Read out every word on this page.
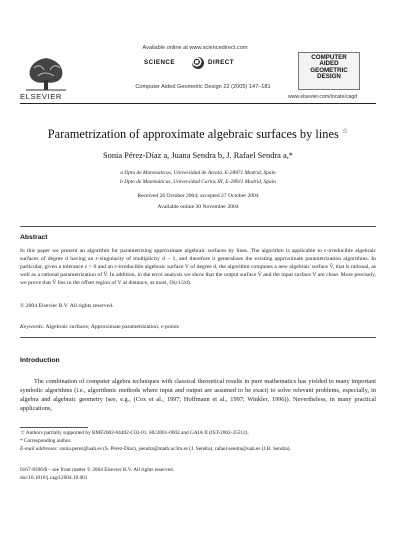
ELSEVIER
Available online at www.sciencedirect.com
SCIENCE	DIRECT
Computer Aided Geometric Design 22 (2005) 147–181
COMPUTER
AIDED
GEOMETRIC
DESIGN
www.elsevier.com/locate/cagd
Parametrization of approximate algebraic surfaces by lines ☆
Sonia Pérez-Díaz a, Juana Sendra b, J. Rafael Sendra a,*
a Dpto de Matemáticas, Universidad de Alcalá, E-28871 Madrid, Spain
b Dpto de Matemáticas, Universidad Carlos III, E-28911 Madrid, Spain
Received 26 October 2004; accepted 27 October 2004
Available online 30 November 2004
Abstract
In this paper we present an algorithm for parametrizing approximate algebraic surfaces by lines. The algorithm is applicable to ε-irreducible algebraic surfaces of degree d having an ε-singularity of multiplicity d − 1, and therefore it generalizes the existing approximate parametrization algorithms. In particular, given a tolerance ε > 0 and an ε-irreducible algebraic surface V of degree d, the algorithm computes a new algebraic surface V̄, that is rational, as well as a rational parametrization of V̄. In addition, in the error analysis we show that the output surface V̄ and the input surface V are close. More precisely, we prove that V̄ lies in the offset region of V at distance, at most, O(ε1/2d).
© 2004 Elsevier B.V. All rights reserved.
Keywords: Algebraic surfaces; Approximate parametrization; ε-points
Introduction
The combination of computer algebra techniques with classical theoretical results in pure mathematics has yielded to many important symbolic algorithms (i.e., algorithmic methods where input and output are assumed to be exact) to solve relevant problems, especially, in algebra and algebraic geometry (see, e.g., (Cox et al., 1997; Hoffmann et al., 1997; Winkler, 1996)). Nevertheless, in many practical applications,
☆ Authors partially supported by BMF2002-04402-C02-01, HU2001-0002 and GAIA II (IST-2002-35512).
* Corresponding author.
E-mail addresses: sonia.perez@uah.es (S. Pérez-Díaz), jsendra@math.uc3m.es (J. Sendra), rafael.sendra@uah.es (J.R. Sendra).
0167-8396/$ – see front matter © 2004 Elsevier B.V. All rights reserved.
doi:10.1016/j.cagd.2004.10.001
